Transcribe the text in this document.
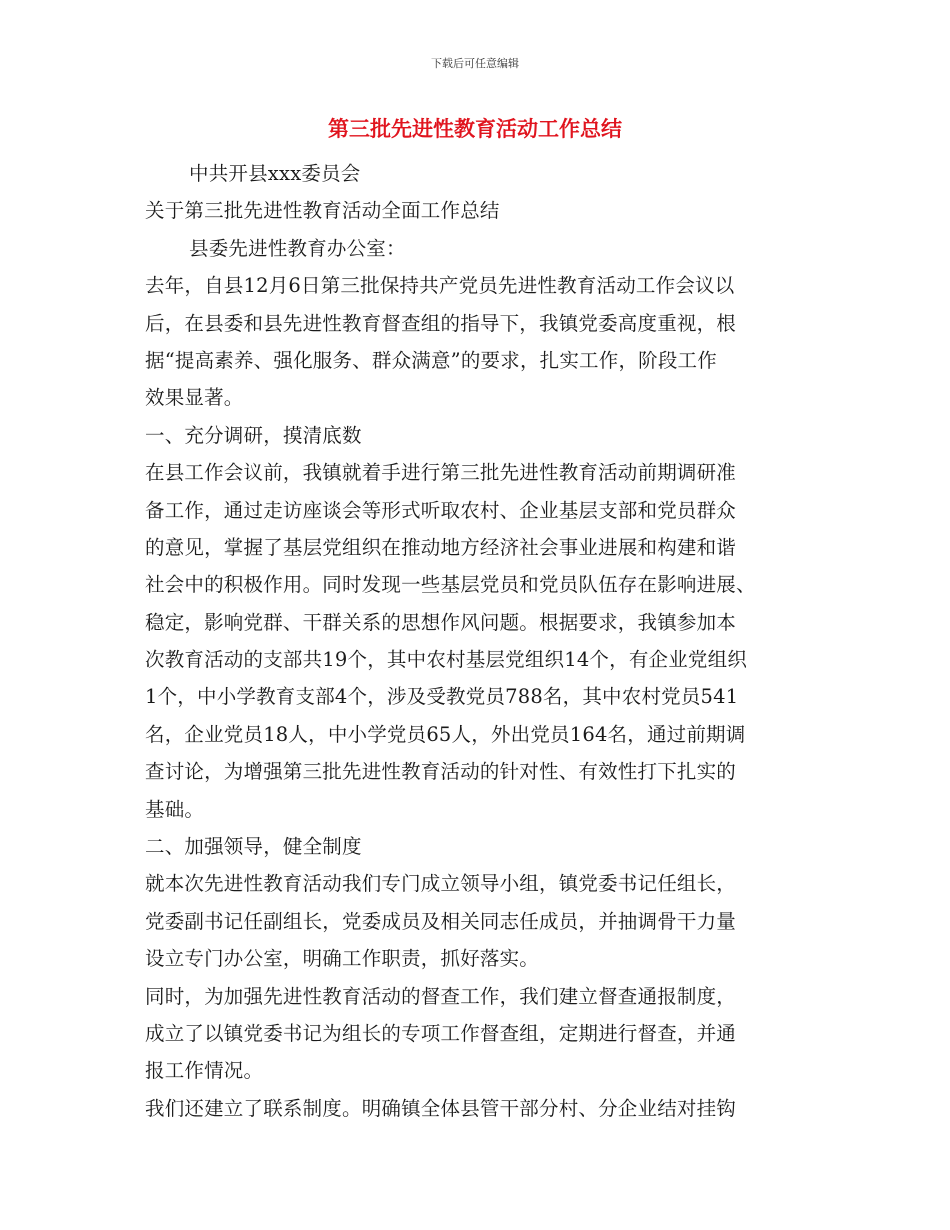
下载后可任意编辑
第三批先进性教育活动工作总结
中共开县xxx委员会
关于第三批先进性教育活动全面工作总结
县委先进性教育办公室：
去年，自县12月6日第三批保持共产党员先进性教育活动工作会议以
后，在县委和县先进性教育督查组的指导下，我镇党委高度重视，根
据“提高素养、强化服务、群众满意”的要求，扎实工作，阶段工作
效果显著。
一、充分调研，摸清底数
在县工作会议前，我镇就着手进行第三批先进性教育活动前期调研准
备工作，通过走访座谈会等形式听取农村、企业基层支部和党员群众
的意见，掌握了基层党组织在推动地方经济社会事业进展和构建和谐
社会中的积极作用。同时发现一些基层党员和党员队伍存在影响进展、
稳定，影响党群、干群关系的思想作风问题。根据要求，我镇参加本
次教育活动的支部共19个，其中农村基层党组织14个，有企业党组织
1个，中小学教育支部4个，涉及受教党员788名，其中农村党员541
名，企业党员18人，中小学党员65人，外出党员164名，通过前期调
查讨论，为增强第三批先进性教育活动的针对性、有效性打下扎实的
基础。
二、加强领导，健全制度
就本次先进性教育活动我们专门成立领导小组，镇党委书记任组长，
党委副书记任副组长，党委成员及相关同志任成员，并抽调骨干力量
设立专门办公室，明确工作职责，抓好落实。
同时，为加强先进性教育活动的督查工作，我们建立督查通报制度，
成立了以镇党委书记为组长的专项工作督查组，定期进行督查，并通
报工作情况。
我们还建立了联系制度。明确镇全体县管干部分村、分企业结对挂钩
